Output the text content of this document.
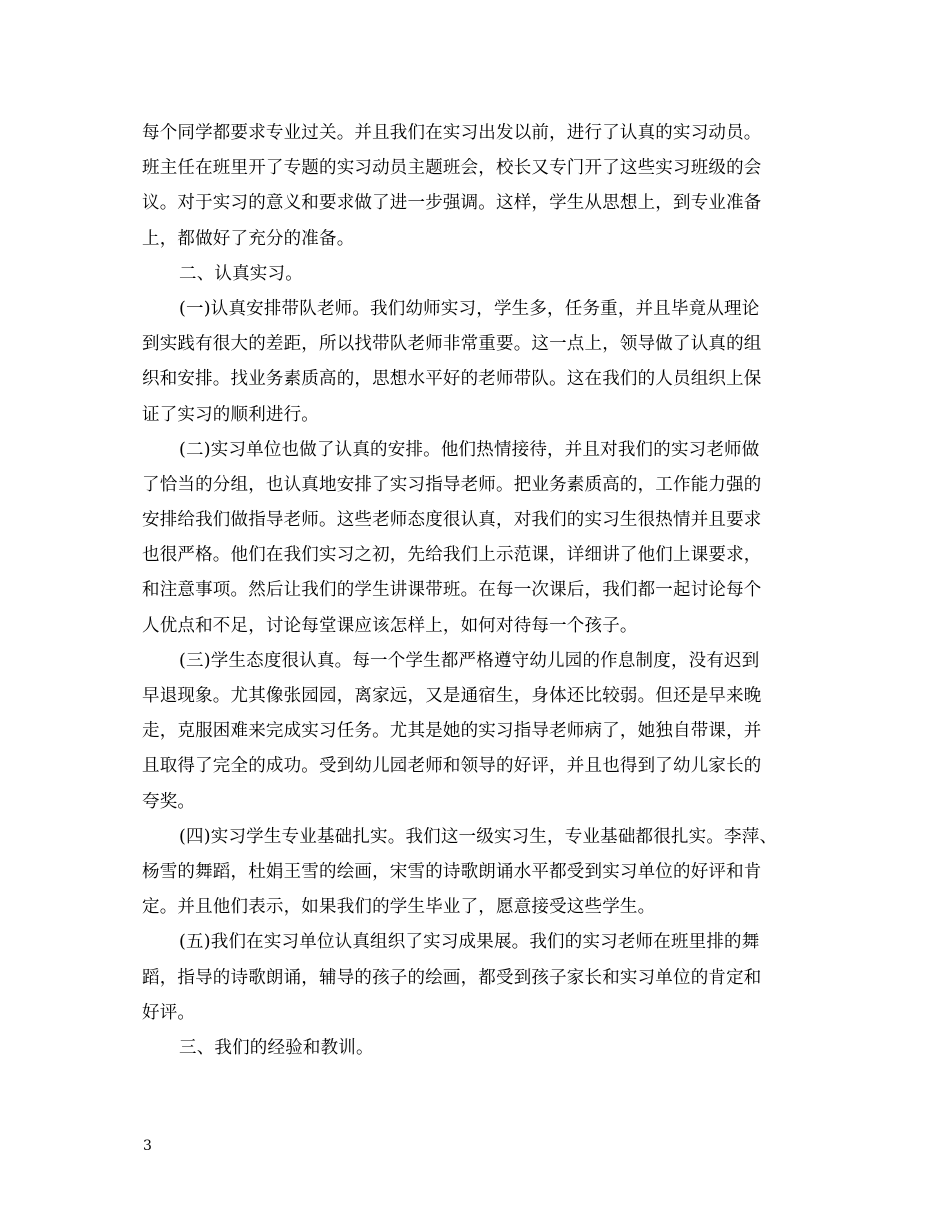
每个同学都要求专业过关。并且我们在实习出发以前，进行了认真的实习动员。
班主任在班里开了专题的实习动员主题班会，校长又专门开了这些实习班级的会
议。对于实习的意义和要求做了进一步强调。这样，学生从思想上，到专业准备
上，都做好了充分的准备。
二、认真实习。
(一)认真安排带队老师。我们幼师实习，学生多，任务重，并且毕竟从理论
到实践有很大的差距，所以找带队老师非常重要。这一点上，领导做了认真的组
织和安排。找业务素质高的，思想水平好的老师带队。这在我们的人员组织上保
证了实习的顺利进行。
(二)实习单位也做了认真的安排。他们热情接待，并且对我们的实习老师做
了恰当的分组，也认真地安排了实习指导老师。把业务素质高的，工作能力强的
安排给我们做指导老师。这些老师态度很认真，对我们的实习生很热情并且要求
也很严格。他们在我们实习之初，先给我们上示范课，详细讲了他们上课要求，
和注意事项。然后让我们的学生讲课带班。在每一次课后，我们都一起讨论每个
人优点和不足，讨论每堂课应该怎样上，如何对待每一个孩子。
(三)学生态度很认真。每一个学生都严格遵守幼儿园的作息制度，没有迟到
早退现象。尤其像张园园，离家远，又是通宿生，身体还比较弱。但还是早来晚
走，克服困难来完成实习任务。尤其是她的实习指导老师病了，她独自带课，并
且取得了完全的成功。受到幼儿园老师和领导的好评，并且也得到了幼儿家长的
夸奖。
(四)实习学生专业基础扎实。我们这一级实习生，专业基础都很扎实。李萍、
杨雪的舞蹈，杜娟王雪的绘画，宋雪的诗歌朗诵水平都受到实习单位的好评和肯
定。并且他们表示，如果我们的学生毕业了，愿意接受这些学生。
(五)我们在实习单位认真组织了实习成果展。我们的实习老师在班里排的舞
蹈，指导的诗歌朗诵，辅导的孩子的绘画，都受到孩子家长和实习单位的肯定和
好评。
三、我们的经验和教训。
3
